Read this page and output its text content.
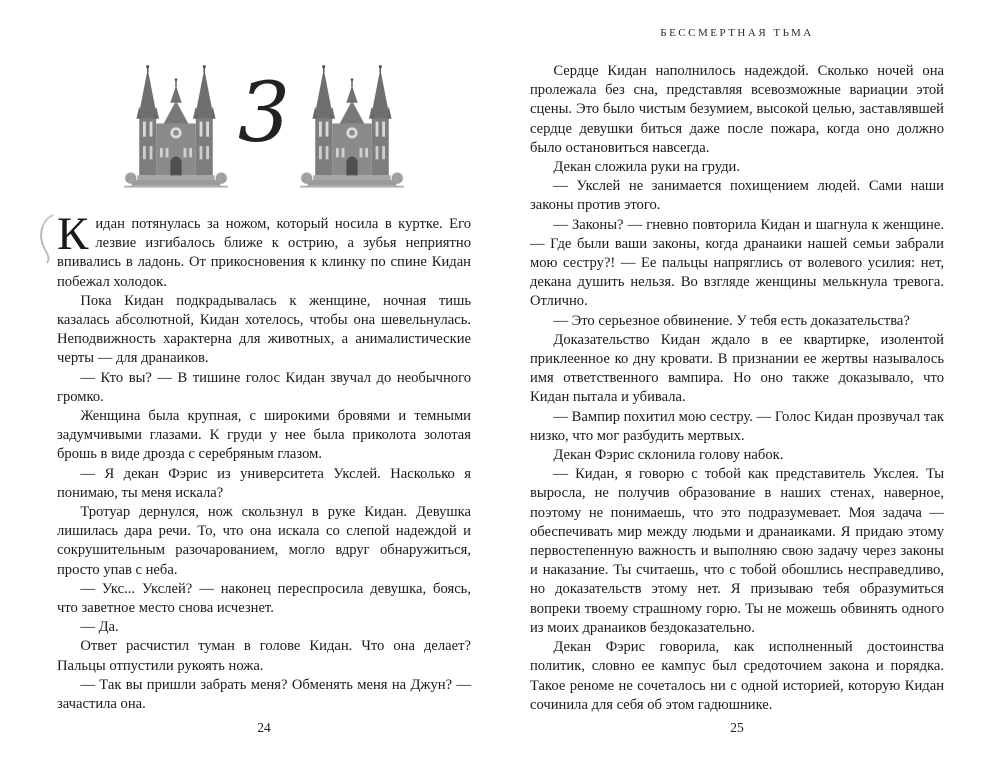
3

Кидан потянулась за ножом, который носила в куртке. Его лезвие изгибалось ближе к острию, а зубья неприятно впивались в ладонь. От прикосновения к клинку по спине Кидан побежал холодок.

Пока Кидан подкрадывалась к женщине, ночная тишь казалась абсолютной, Кидан хотелось, чтобы она шевельнулась. Неподвижность характерна для животных, а анималистические черты — для дранаиков.

— Кто вы? — В тишине голос Кидан звучал до необычного громко.

Женщина была крупная, с широкими бровями и темными задумчивыми глазами. К груди у нее была приколота золотая брошь в виде дрозда с серебряным глазом.

— Я декан Фэрис из университета Укслей. Насколько я понимаю, ты меня искала?

Тротуар дернулся, нож скользнул в руке Кидан. Девушка лишилась дара речи. То, что она искала со слепой надеждой и сокрушительным разочарованием, могло вдруг обнаружиться, просто упав с неба.

— Укс... Укслей? — наконец переспросила девушка, боясь, что заветное место снова исчезнет.

— Да.

Ответ расчистил туман в голове Кидан. Что она делает? Пальцы отпустили рукоять ножа.

— Так вы пришли забрать меня? Обменять меня на Джун? — зачастила она.

24
БЕССМЕРТНАЯ ТЬМА

Сердце Кидан наполнилось надеждой. Сколько ночей она пролежала без сна, представляя всевозможные вариации этой сцены. Это было чистым безумием, высокой целью, заставлявшей сердце девушки биться даже после пожара, когда оно должно было остановиться навсегда.

Декан сложила руки на груди.

— Укслей не занимается похищением людей. Сами наши законы против этого.

— Законы? — гневно повторила Кидан и шагнула к женщине. — Где были ваши законы, когда дранаики нашей семьи забрали мою сестру?! — Ее пальцы напряглись от волевого усилия: нет, декана душить нельзя. Во взгляде женщины мелькнула тревога. Отлично.

— Это серьезное обвинение. У тебя есть доказательства?

Доказательство Кидан ждало в ее квартирке, изолентой приклеенное ко дну кровати. В признании ее жертвы называлось имя ответственного вампира. Но оно также доказывало, что Кидан пытала и убивала.

— Вампир похитил мою сестру. — Голос Кидан прозвучал так низко, что мог разбудить мертвых.

Декан Фэрис склонила голову набок.

— Кидан, я говорю с тобой как представитель Укслея. Ты выросла, не получив образование в наших стенах, наверное, поэтому не понимаешь, что это подразумевает. Моя задача — обеспечивать мир между людьми и дранаиками. Я придаю этому первостепенную важность и выполняю свою задачу через законы и наказание. Ты считаешь, что с тобой обошлись несправедливо, но доказательств этому нет. Я призываю тебя образумиться вопреки твоему страшному горю. Ты не можешь обвинять одного из моих дранаиков бездоказательно.

Декан Фэрис говорила, как исполненный достоинства политик, словно ее кампус был средоточием закона и порядка. Такое реноме не сочеталось ни с одной историей, которую Кидан сочинила для себя об этом гадюшнике.

25
